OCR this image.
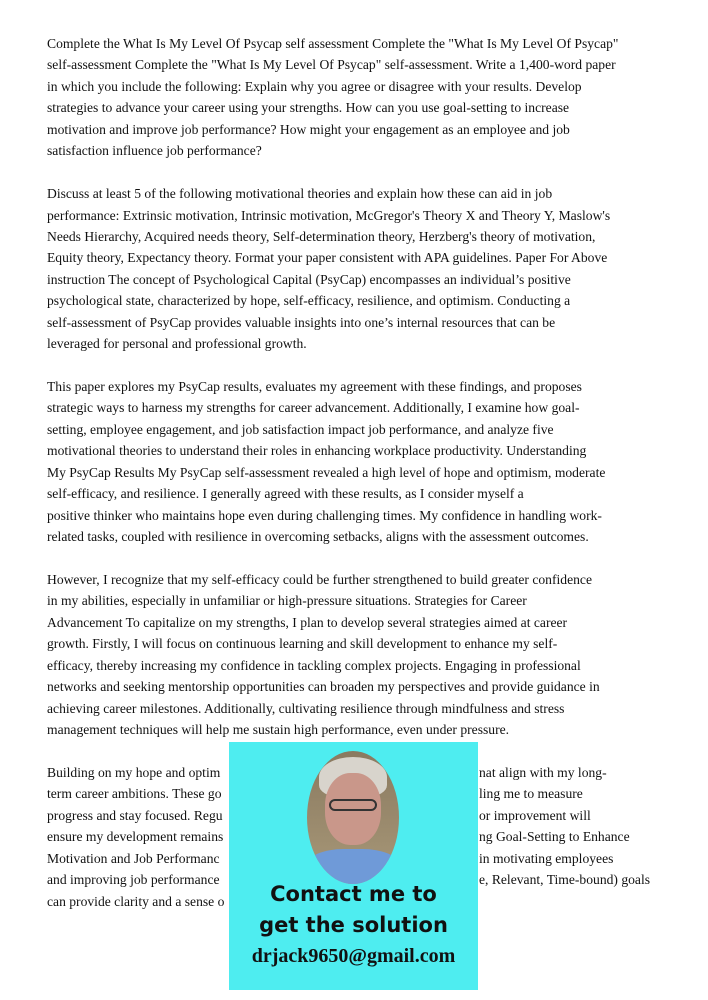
Complete the What Is My Level Of Psycap self assessment Complete the "What Is My Level Of Psycap"
self-assessment Complete the "What Is My Level Of Psycap" self-assessment. Write a 1,400-word paper
in which you include the following: Explain why you agree or disagree with your results. Develop
strategies to advance your career using your strengths. How can you use goal-setting to increase
motivation and improve job performance? How might your engagement as an employee and job
satisfaction influence job performance?
Discuss at least 5 of the following motivational theories and explain how these can aid in job
performance: Extrinsic motivation, Intrinsic motivation, McGregor's Theory X and Theory Y, Maslow's
Needs Hierarchy, Acquired needs theory, Self-determination theory, Herzberg's theory of motivation,
Equity theory, Expectancy theory. Format your paper consistent with APA guidelines. Paper For Above
instruction The concept of Psychological Capital (PsyCap) encompasses an individual’s positive
psychological state, characterized by hope, self-efficacy, resilience, and optimism. Conducting a
self-assessment of PsyCap provides valuable insights into one’s internal resources that can be
leveraged for personal and professional growth.
This paper explores my PsyCap results, evaluates my agreement with these findings, and proposes
strategic ways to harness my strengths for career advancement. Additionally, I examine how goal-
setting, employee engagement, and job satisfaction impact job performance, and analyze five
motivational theories to understand their roles in enhancing workplace productivity. Understanding
My PsyCap Results My PsyCap self-assessment revealed a high level of hope and optimism, moderate
self-efficacy, and resilience. I generally agreed with these results, as I consider myself a
positive thinker who maintains hope even during challenging times. My confidence in handling work-
related tasks, coupled with resilience in overcoming setbacks, aligns with the assessment outcomes.
However, I recognize that my self-efficacy could be further strengthened to build greater confidence
in my abilities, especially in unfamiliar or high-pressure situations. Strategies for Career
Advancement To capitalize on my strengths, I plan to develop several strategies aimed at career
growth. Firstly, I will focus on continuous learning and skill development to enhance my self-
efficacy, thereby increasing my confidence in tackling complex projects. Engaging in professional
networks and seeking mentorship opportunities can broaden my perspectives and provide guidance in
achieving career milestones. Additionally, cultivating resilience through mindfulness and stress
management techniques will help me sustain high performance, even under pressure.
Building on my hope and optim	nat align with my long-
term career ambitions. These go	ling me to measure
progress and stay focused. Regu	or improvement will
ensure my development remains	ng Goal-Setting to Enhance
Motivation and Job Performanc	in motivating employees
and improving job performance	e, Relevant, Time-bound) goals
can provide clarity and a sense o	Contact me to
get the solution
drjack9650@gmail.com
